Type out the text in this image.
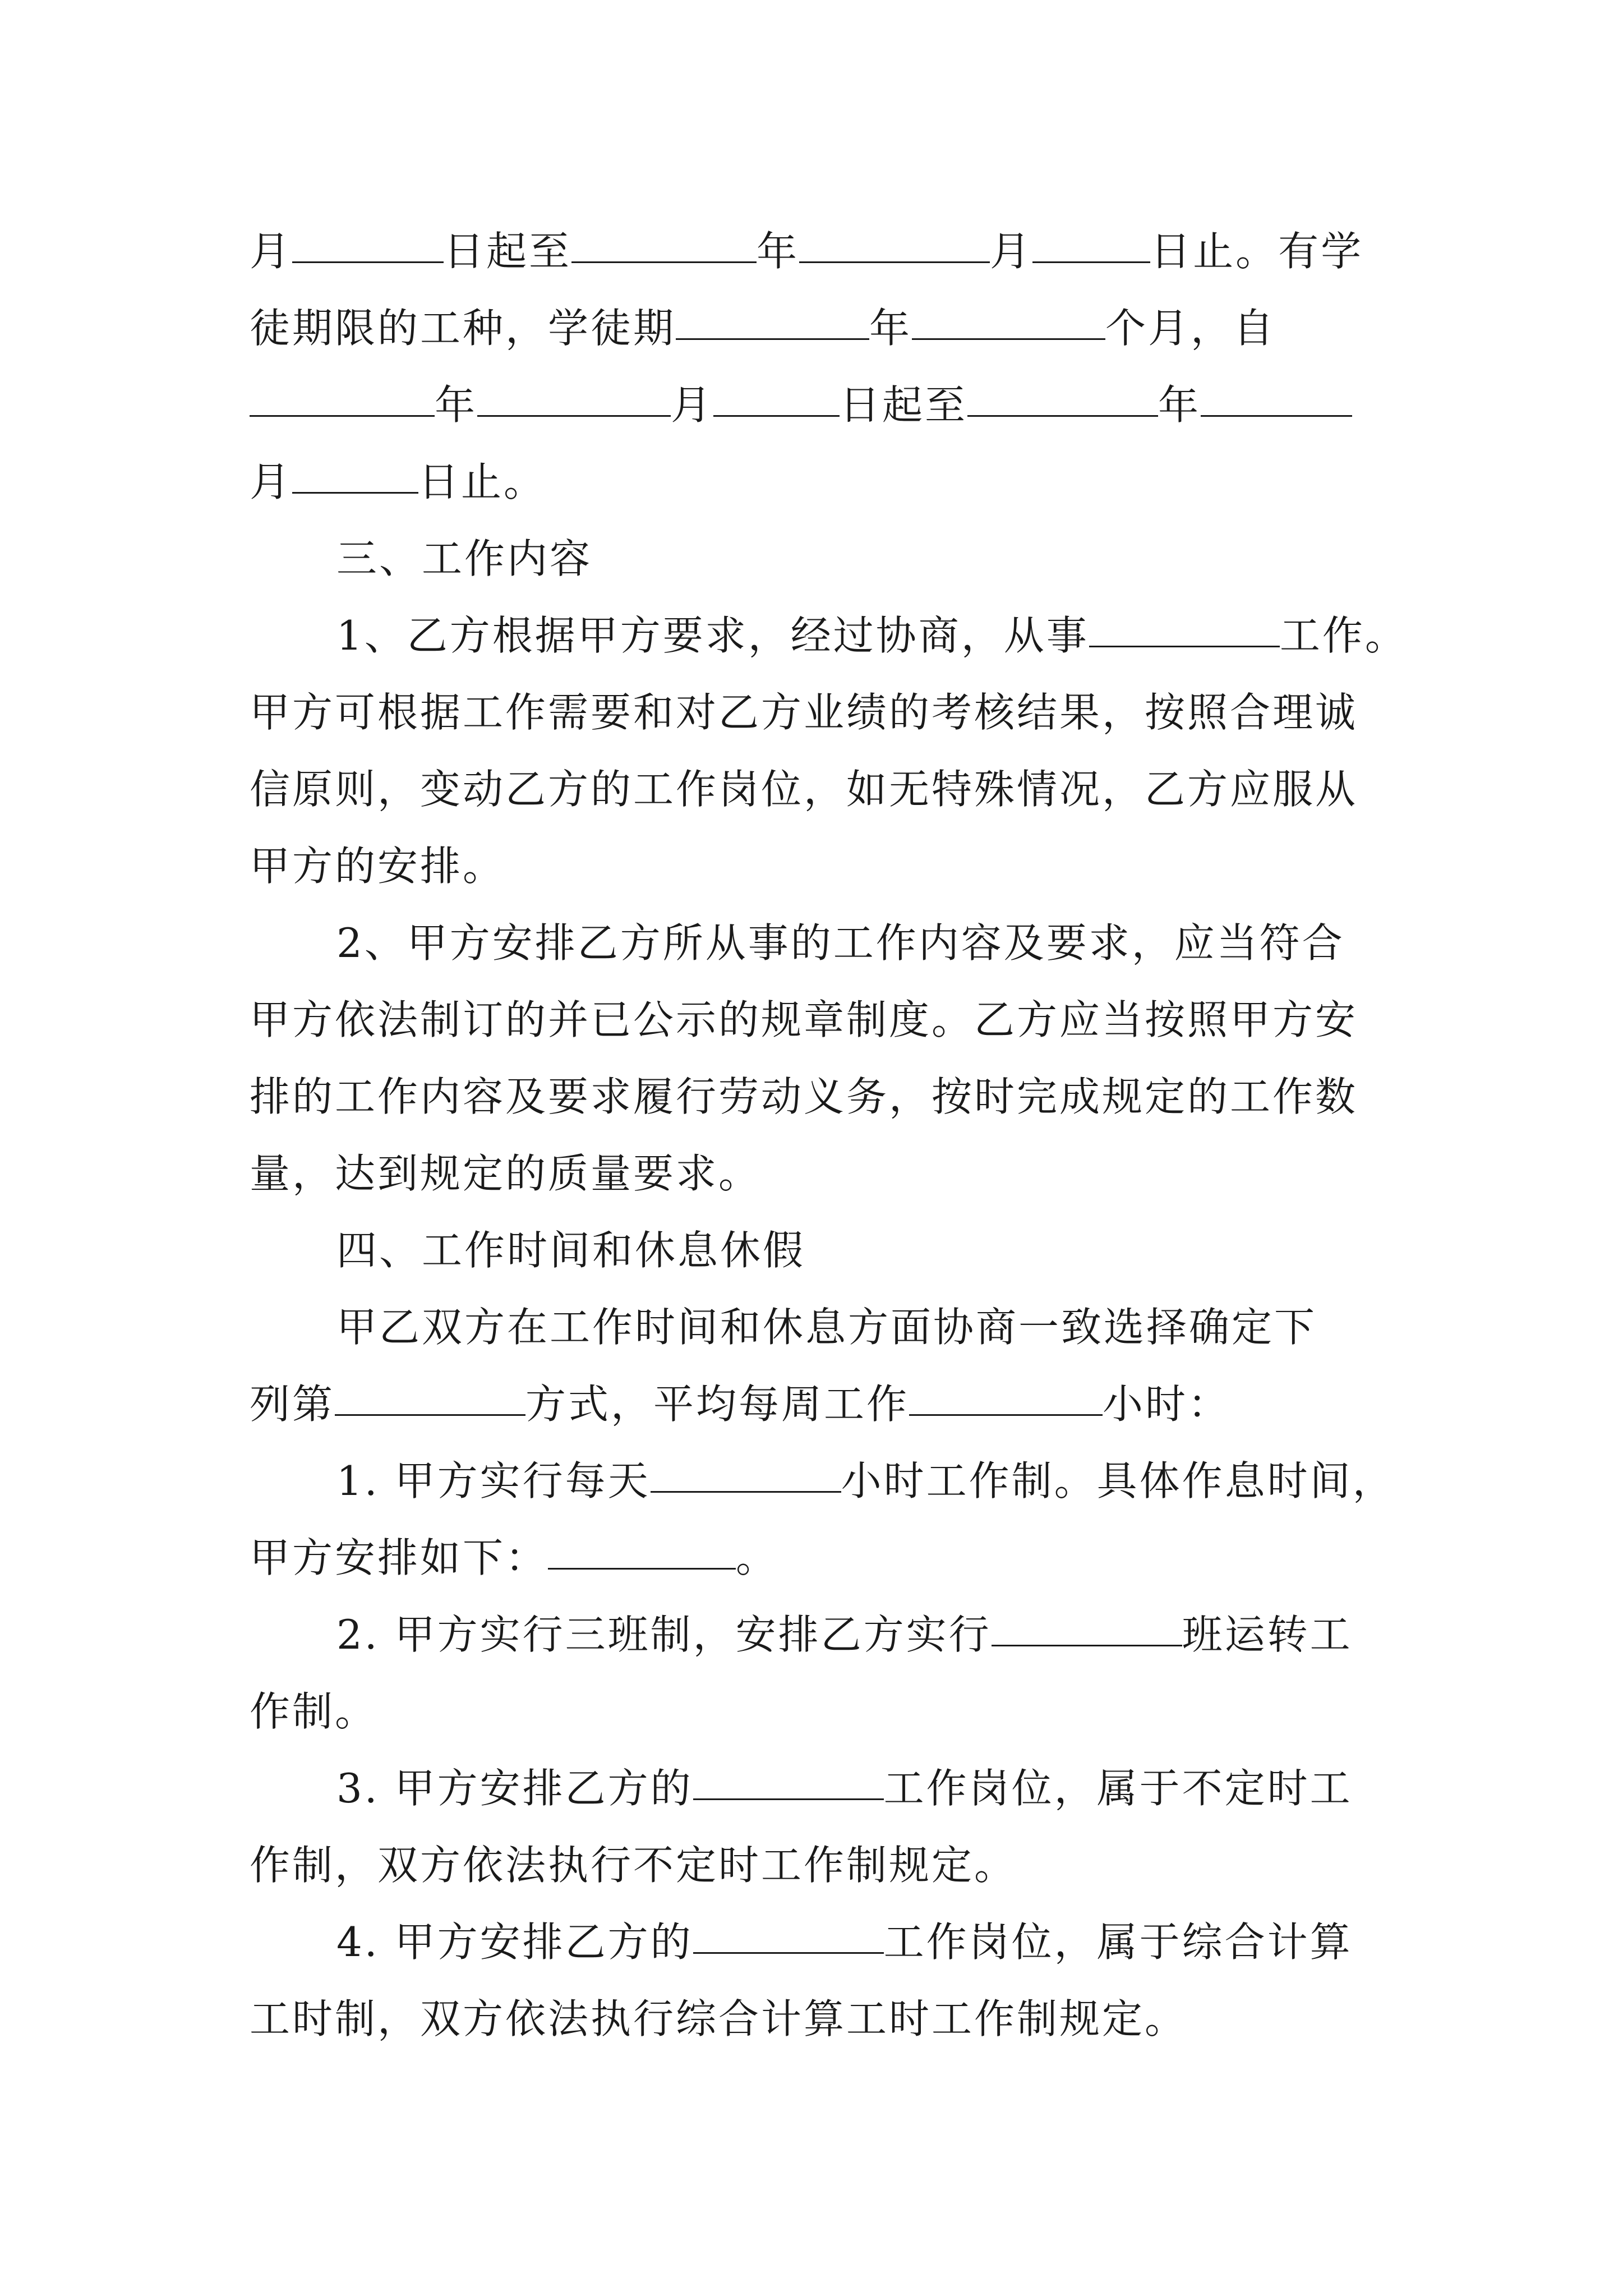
月	日起至	年	月	日止。有学
徒期限的工种，学徒期	年	个月，自
年	月	日起至	年
月	日止。
三、工作内容
1、乙方根据甲方要求，经过协商，从事	工作。
甲方可根据工作需要和对乙方业绩的考核结果，按照合理诚
信原则，变动乙方的工作岗位，如无特殊情况，乙方应服从
甲方的安排。
2、甲方安排乙方所从事的工作内容及要求，应当符合
甲方依法制订的并已公示的规章制度。乙方应当按照甲方安
排的工作内容及要求履行劳动义务，按时完成规定的工作数
量，达到规定的质量要求。
四、工作时间和休息休假
甲乙双方在工作时间和休息方面协商一致选择确定下
列第	方式，平均每周工作	小时：
1. 甲方实行每天	小时工作制。具体作息时间，
甲方安排如下：	。
2. 甲方实行三班制，安排乙方实行	班运转工
作制。
3. 甲方安排乙方的	工作岗位，属于不定时工
作制，双方依法执行不定时工作制规定。
4. 甲方安排乙方的	工作岗位，属于综合计算
工时制，双方依法执行综合计算工时工作制规定。
